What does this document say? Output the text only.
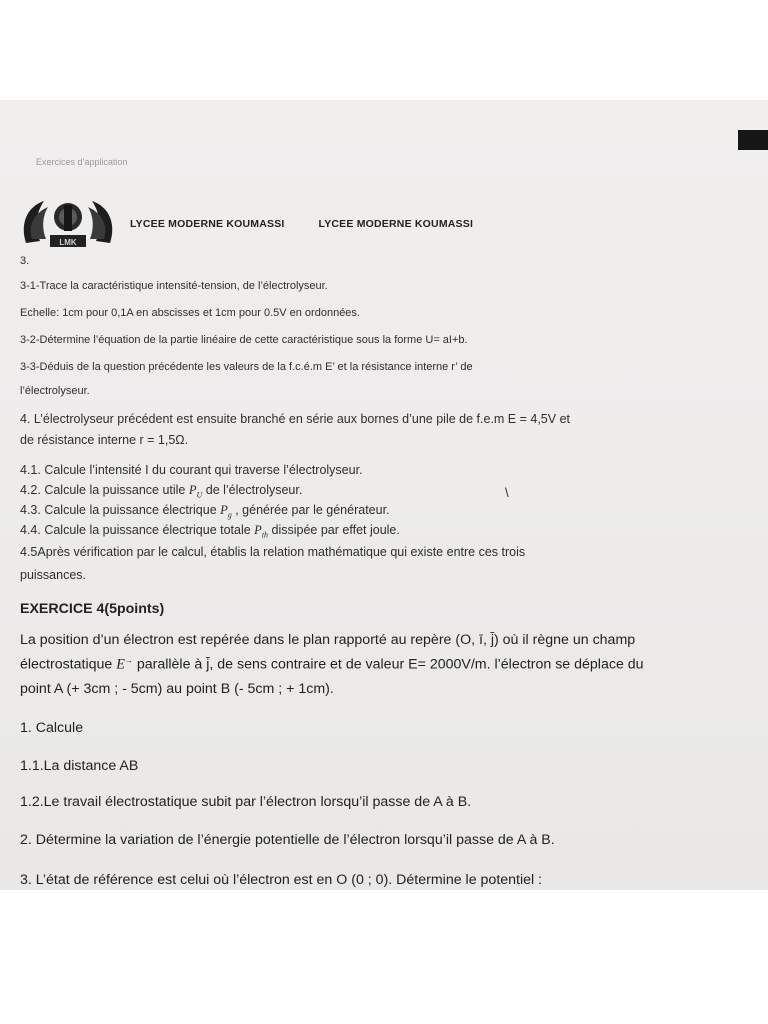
Exercices d’application
LMK
LYCEE MODERNE KOUMASSI	LYCEE MODERNE KOUMASSI
3.
3-1-Trace la caractéristique intensité-tension, de l’électrolyseur.
Echelle: 1cm pour 0,1A en abscisses et 1cm pour 0.5V en ordonnées.
3-2-Détermine l’équation de la partie linéaire de cette caractéristique sous la forme U= aI+b.
3-3-Déduis de la question précédente les valeurs de la f.c.é.m E’ et la résistance interne r’ de
l’électrolyseur.
4. L’électrolyseur précédent est ensuite branché en série aux bornes d’une pile de f.e.m E = 4,5V et
de résistance interne r = 1,5Ω.
4.1. Calcule l’intensité I du courant qui traverse l’électrolyseur.
4.2. Calcule la puissance utile $P_U$ de l’électrolyseur.
4.3. Calcule la puissance électrique $P_g$ , générée par le générateur.
\
4.4. Calcule la puissance électrique totale $P_{th}$ dissipée par effet joule.
4.5Après vérification par le calcul, établis la relation mathématique qui existe entre ces trois
puissances.
EXERCICE 4(5points)
La position d’un électron est repérée dans le plan rapporté au repère (O, ī, j̄) où il règne un champ
électrostatique E→ parallèle à j̄, de sens contraire et de valeur E= 2000V/m. l’électron se déplace du
point A (+ 3cm ; - 5cm) au point B (- 5cm ; + 1cm).
1. Calcule
1.1.La distance AB
1.2.Le travail électrostatique subit par l’électron lorsqu’il passe de A à B.
2. Détermine la variation de l’énergie potentielle de l’électron lorsqu’il passe de A à B.
3. L’état de référence est celui où l’électron est en O (0 ; 0). Détermine le potentiel :
